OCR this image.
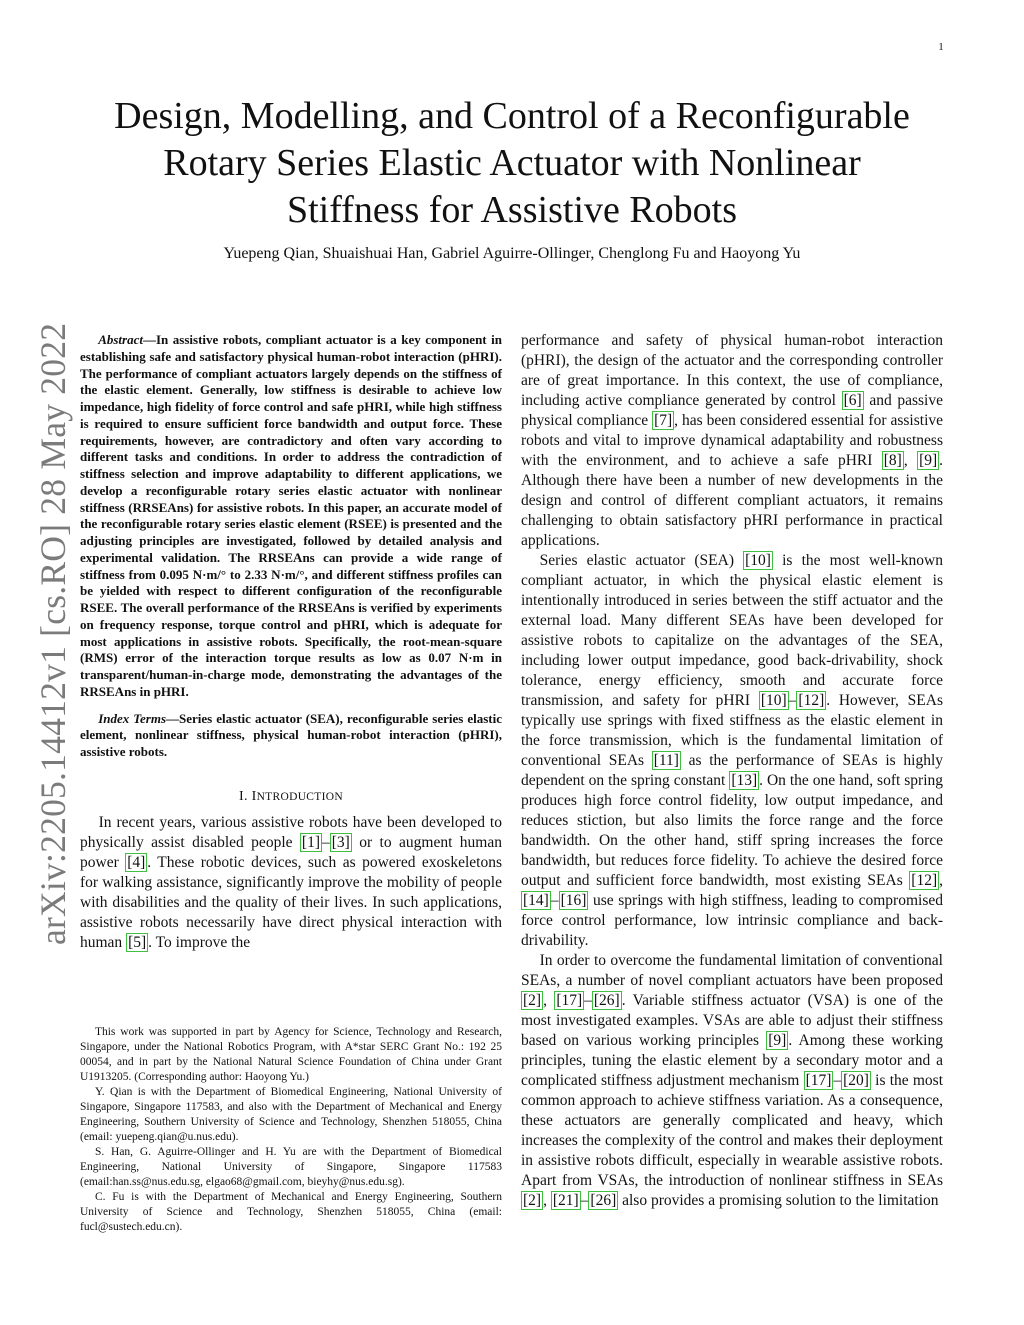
1
Design, Modelling, and Control of a Reconfigurable
Rotary Series Elastic Actuator with Nonlinear
Stiffness for Assistive Robots
Yuepeng Qian, Shuaishuai Han, Gabriel Aguirre-Ollinger, Chenglong Fu and Haoyong Yu
arXiv:2205.14412v1 [cs.RO] 28 May 2022	Abstract—In assistive robots, compliant actuator is a key component in establishing safe and satisfactory physical human-robot interaction (pHRI). The performance of compliant actuators largely depends on the stiffness of the elastic element. Generally, low stiffness is desirable to achieve low impedance, high fidelity of force control and safe pHRI, while high stiffness is required to ensure sufficient force bandwidth and output force. These requirements, however, are contradictory and often vary according to different tasks and conditions. In order to address the contradiction of stiffness selection and improve adaptability to different applications, we develop a reconfigurable rotary series elastic actuator with nonlinear stiffness (RRSEAns) for assistive robots. In this paper, an accurate model of the reconfigurable rotary series elastic element (RSEE) is presented and the adjusting principles are investigated, followed by detailed analysis and experimental validation. The RRSEAns can provide a wide range of stiffness from 0.095 N·m/° to 2.33 N·m/°, and different stiffness profiles can be yielded with respect to different configuration of the reconfigurable RSEE. The overall performance of the RRSEAns is verified by experiments on frequency response, torque control and pHRI, which is adequate for most applications in assistive robots. Specifically, the root-mean-square (RMS) error of the interaction torque results as low as 0.07 N·m in transparent/human-in-charge mode, demonstrating the advantages of the RRSEAns in pHRI.

Index Terms—Series elastic actuator (SEA), reconfigurable series elastic element, nonlinear stiffness, physical human-robot interaction (pHRI), assistive robots.

I. INTRODUCTION

In recent years, various assistive robots have been developed to physically assist disabled people [1] – [3] or to augment human power [4] . These robotic devices, such as powered exoskeletons for walking assistance, significantly improve the mobility of people with disabilities and the quality of their lives. In such applications, assistive robots necessarily have direct physical interaction with human [5] . To improve the

This work was supported in part by Agency for Science, Technology and Research, Singapore, under the National Robotics Program, with A*star SERC Grant No.: 192 25 00054, and in part by the National Natural Science Foundation of China under Grant U1913205. (Corresponding author: Haoyong Yu.)

Y. Qian is with the Department of Biomedical Engineering, National University of Singapore, Singapore 117583, and also with the Department of Mechanical and Energy Engineering, Southern University of Science and Technology, Shenzhen 518055, China (email: yuepeng.qian@u.nus.edu).

S. Han, G. Aguirre-Ollinger and H. Yu are with the Department of Biomedical Engineering, National University of Singapore, Singapore 117583 (email:han.ss@nus.edu.sg, elgao68@gmail.com, bieyhy@nus.edu.sg).

C. Fu is with the Department of Mechanical and Energy Engineering, Southern University of Science and Technology, Shenzhen 518055, China (email: fucl@sustech.edu.cn).

performance and safety of physical human-robot interaction (pHRI), the design of the actuator and the corresponding controller are of great importance. In this context, the use of compliance, including active compliance generated by control [6] and passive physical compliance [7] , has been considered essential for assistive robots and vital to improve dynamical adaptability and robustness with the environment, and to achieve a safe pHRI [8] , [9] . Although there have been a number of new developments in the design and control of different compliant actuators, it remains challenging to obtain satisfactory pHRI performance in practical applications.

Series elastic actuator (SEA) [10] is the most well-known compliant actuator, in which the physical elastic element is intentionally introduced in series between the stiff actuator and the external load. Many different SEAs have been developed for assistive robots to capitalize on the advantages of the SEA, including lower output impedance, good back-drivability, shock tolerance, energy efficiency, smooth and accurate force transmission, and safety for pHRI [10] – [12] . However, SEAs typically use springs with fixed stiffness as the elastic element in the force transmission, which is the fundamental limitation of conventional SEAs [11] as the performance of SEAs is highly dependent on the spring constant [13] . On the one hand, soft spring produces high force control fidelity, low output impedance, and reduces stiction, but also limits the force range and the force bandwidth. On the other hand, stiff spring increases the force bandwidth, but reduces force fidelity. To achieve the desired force output and sufficient force bandwidth, most existing SEAs [12] , [14] – [16] use springs with high stiffness, leading to compromised force control performance, low intrinsic compliance and back-drivability.

In order to overcome the fundamental limitation of conventional SEAs, a number of novel compliant actuators have been proposed [2] , [17] – [26] . Variable stiffness actuator (VSA) is one of the most investigated examples. VSAs are able to adjust their stiffness based on various working principles [9] . Among these working principles, tuning the elastic element by a secondary motor and a complicated stiffness adjustment mechanism [17] – [20] is the most common approach to achieve stiffness variation. As a consequence, these actuators are generally complicated and heavy, which increases the complexity of the control and makes their deployment in assistive robots difficult, especially in wearable assistive robots. Apart from VSAs, the introduction of nonlinear stiffness in SEAs [2] , [21] – [26] also provides a promising solution to the limitation
